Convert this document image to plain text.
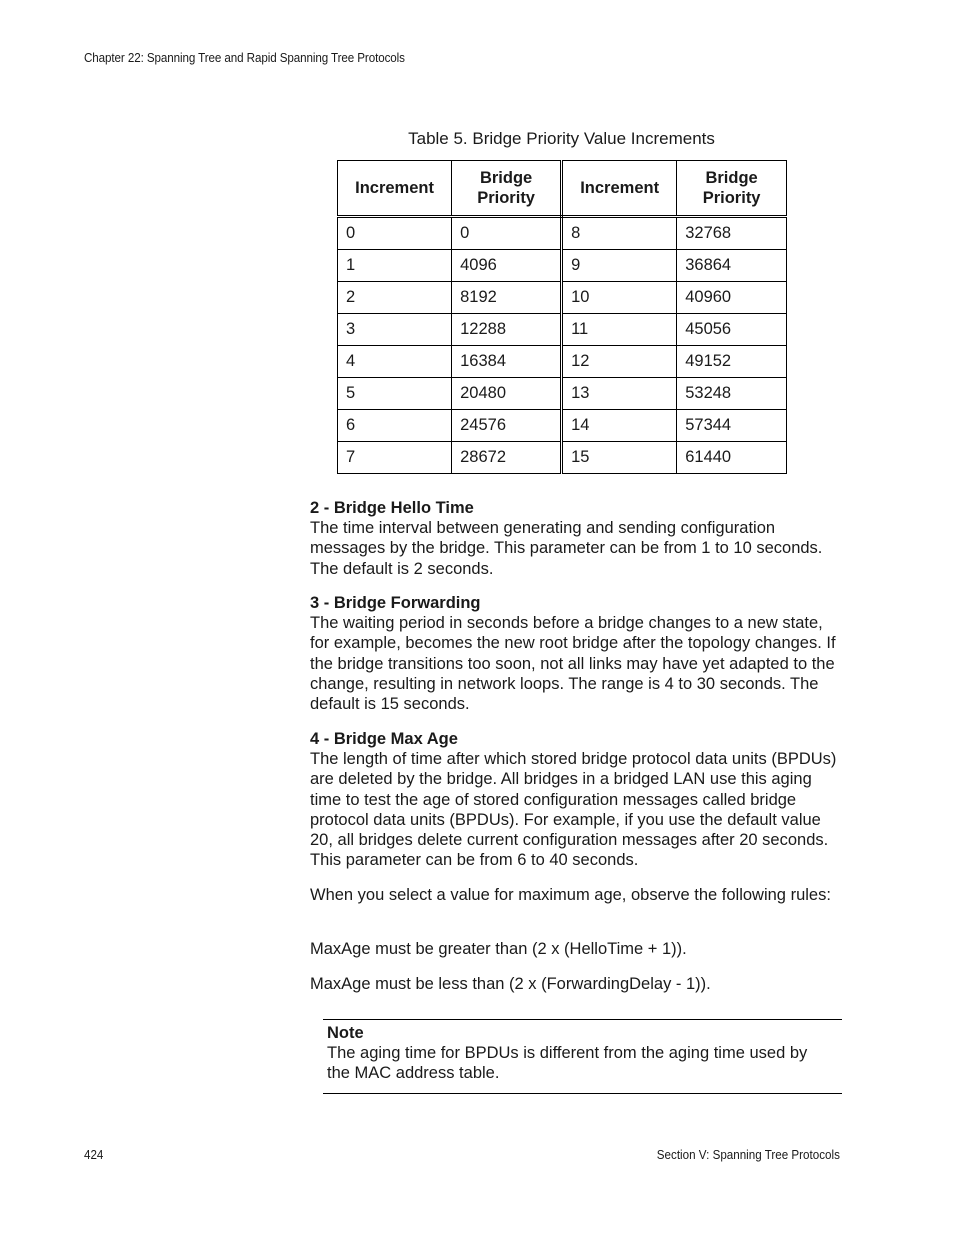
Chapter 22: Spanning Tree and Rapid Spanning Tree Protocols
Table 5. Bridge Priority Value Increments
Increment	Bridge Priority	Increment	Bridge Priority
0	0	8	32768
1	4096	9	36864
2	8192	10	40960
3	12288	11	45056
4	16384	12	49152
5	20480	13	53248
6	24576	14	57344
7	28672	15	61440
2 - Bridge Hello Time

The time interval between generating and sending configuration messages by the bridge. This parameter can be from 1 to 10 seconds. The default is 2 seconds.

3 - Bridge Forwarding

The waiting period in seconds before a bridge changes to a new state, for example, becomes the new root bridge after the topology changes. If the bridge transitions too soon, not all links may have yet adapted to the change, resulting in network loops. The range is 4 to 30 seconds. The default is 15 seconds.

4 - Bridge Max Age

The length of time after which stored bridge protocol data units (BPDUs) are deleted by the bridge. All bridges in a bridged LAN use this aging time to test the age of stored configuration messages called bridge protocol data units (BPDUs). For example, if you use the default value 20, all bridges delete current configuration messages after 20 seconds. This parameter can be from 6 to 40 seconds.

When you select a value for maximum age, observe the following rules:
MaxAge must be greater than (2 x (HelloTime + 1)).
MaxAge must be less than (2 x (ForwardingDelay - 1)).
Note
The aging time for BPDUs is different from the aging time used by the MAC address table.
424	Section V: Spanning Tree Protocols
